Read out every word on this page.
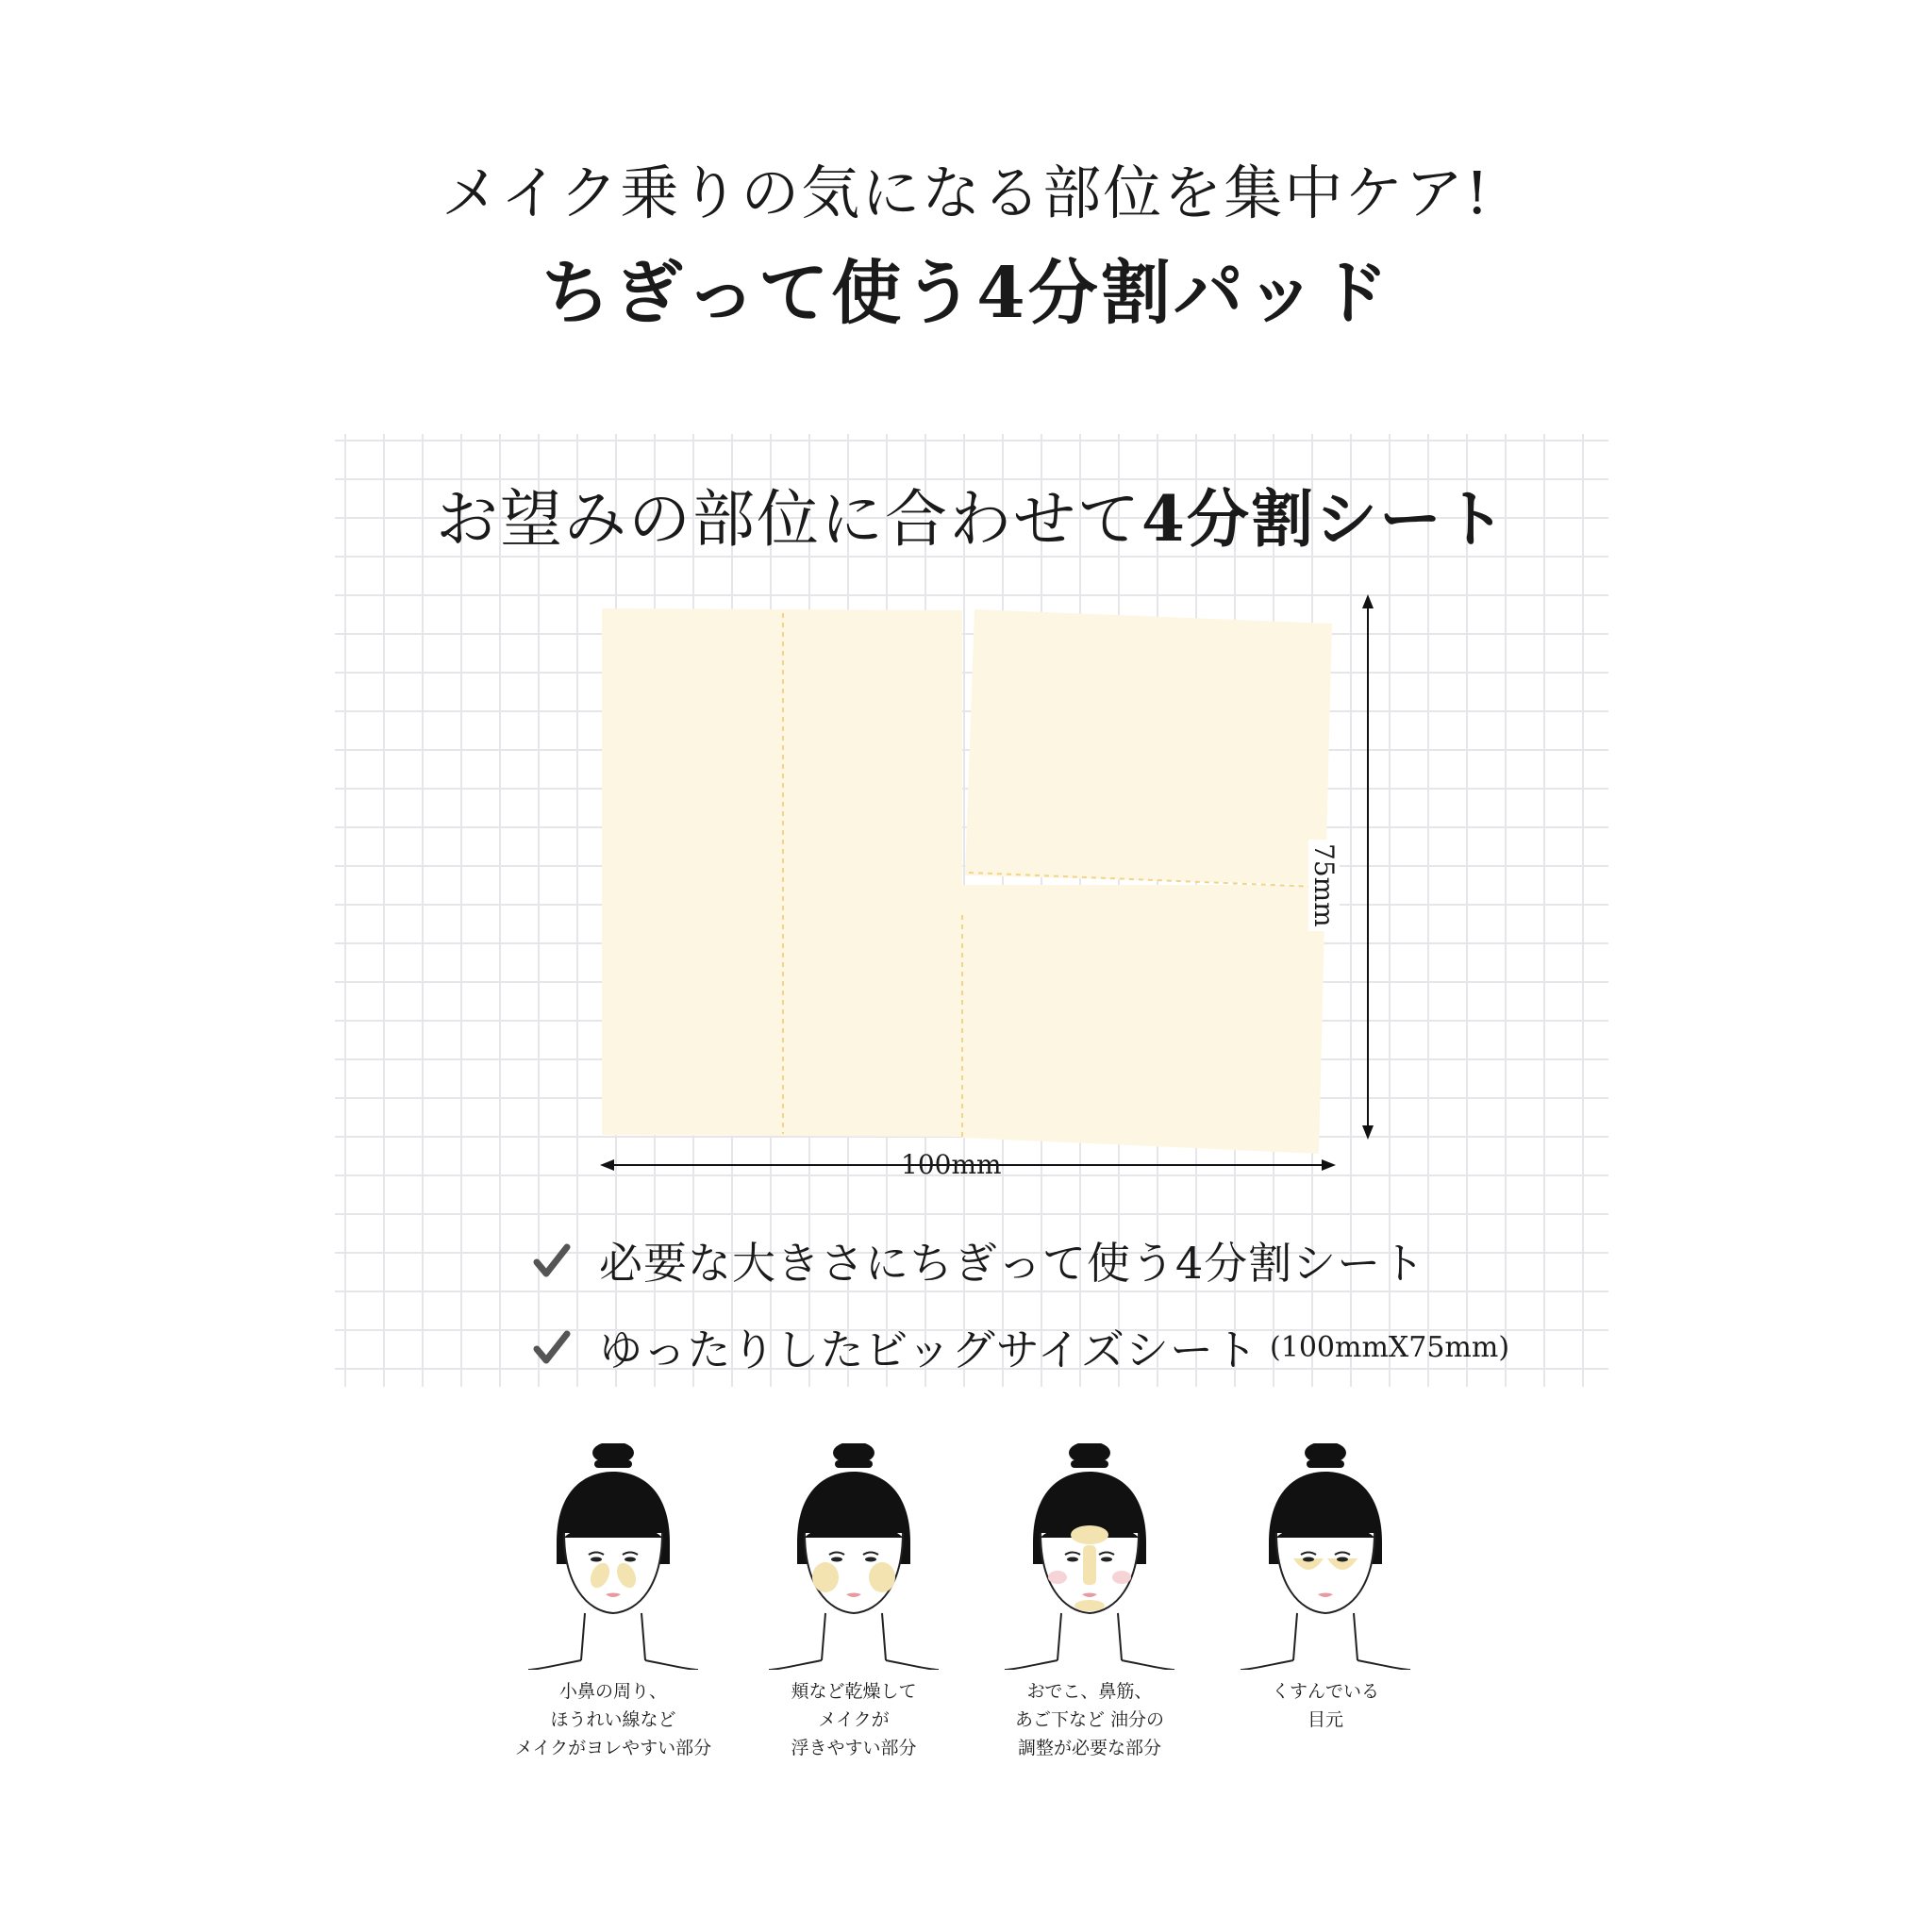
メイク乗りの気になる部位を集中ケア!
ちぎって使う4分割パッド
お望みの部位に合わせて4分割シート
75mm
100mm
必要な大きさにちぎって使う4分割シート
ゆったりしたビッグサイズシート (100mmX75mm)
小鼻の周り、
ほうれい線など
メイクがヨレやすい部分
頬など乾燥して
メイクが
浮きやすい部分
おでこ、鼻筋、
あご下など 油分の
調整が必要な部分
くすんでいる
目元
